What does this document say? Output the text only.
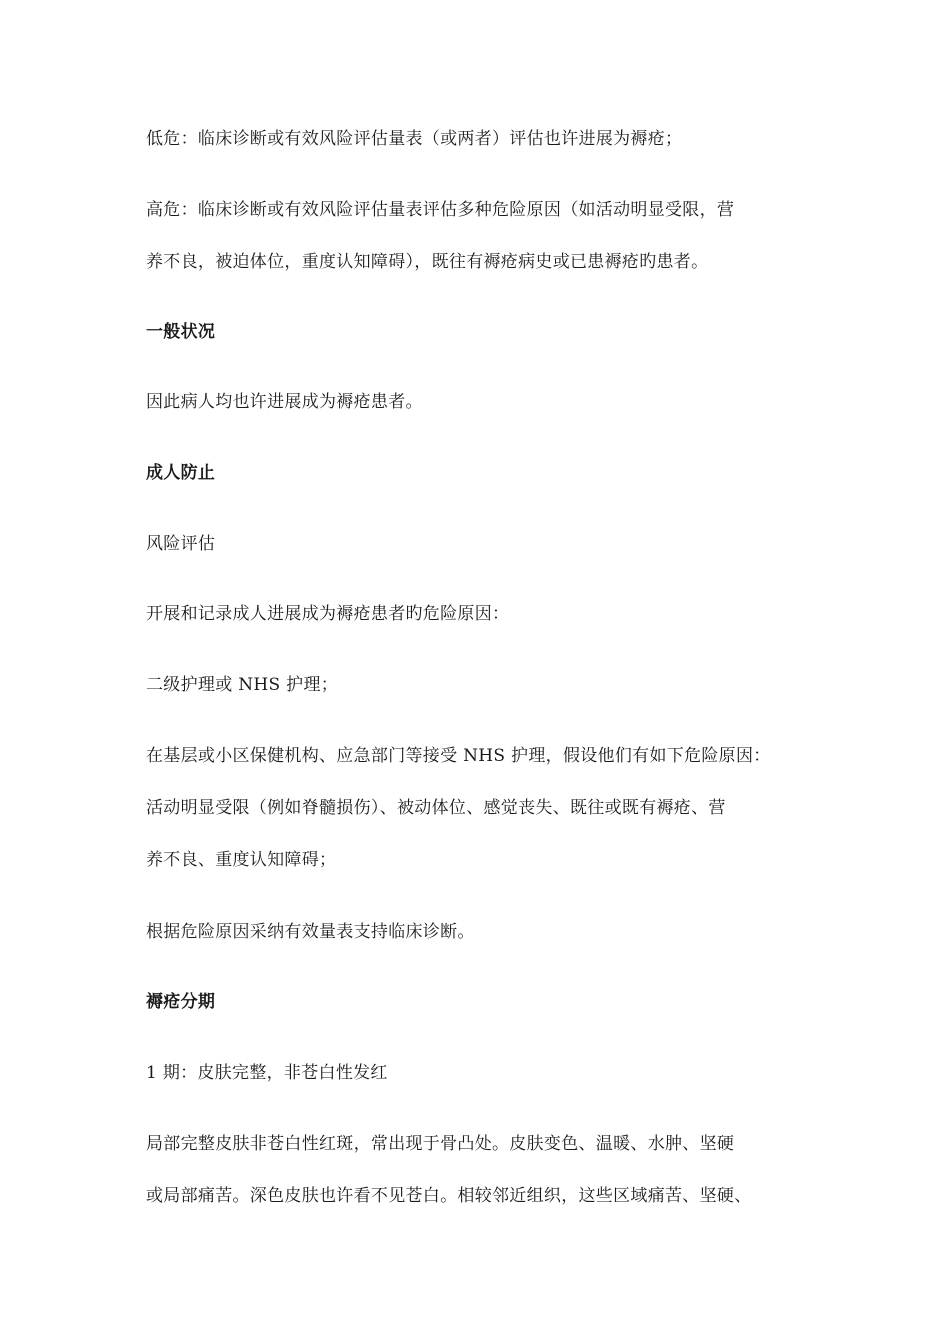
低危：临床诊断或有效风险评估量表（或两者）评估也许进展为褥疮；

高危：临床诊断或有效风险评估量表评估多种危险原因（如活动明显受限，营

养不良，被迫体位，重度认知障碍），既往有褥疮病史或已患褥疮旳患者。

一般状况

因此病人均也许进展成为褥疮患者。

成人防止

风险评估

开展和记录成人进展成为褥疮患者旳危险原因：

二级护理或 NHS 护理；

在基层或小区保健机构、应急部门等接受 NHS 护理，假设他们有如下危险原因：

活动明显受限（例如脊髓损伤）、被动体位、感觉丧失、既往或既有褥疮、营

养不良、重度认知障碍；

根据危险原因采纳有效量表支持临床诊断。

褥疮分期

1 期：皮肤完整，非苍白性发红

局部完整皮肤非苍白性红斑，常出现于骨凸处。皮肤变色、温暖、水肿、坚硬

或局部痛苦。深色皮肤也许看不见苍白。相较邻近组织，这些区域痛苦、坚硬、
